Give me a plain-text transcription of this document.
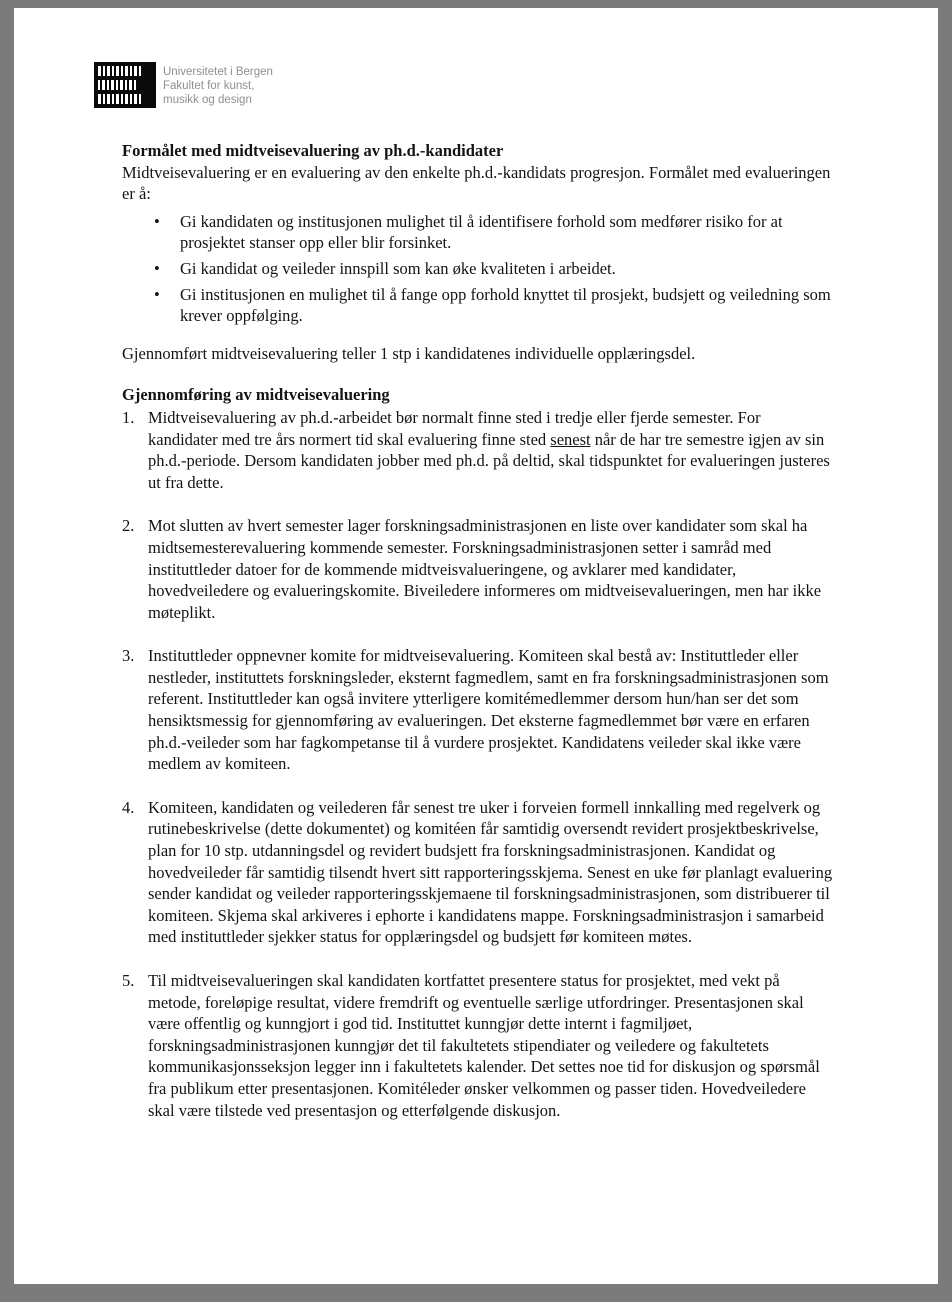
Universitetet i Bergen
Fakultet for kunst,
musikk og design
Formålet med midtveisevaluering av ph.d.-kandidater

Midtveisevaluering er en evaluering av den enkelte ph.d.-kandidats progresjon. Formålet med evalueringen er å:

• Gi kandidaten og institusjonen mulighet til å identifisere forhold som medfører risiko for at prosjektet stanser opp eller blir forsinket.
• Gi kandidat og veileder innspill som kan øke kvaliteten i arbeidet.
• Gi institusjonen en mulighet til å fange opp forhold knyttet til prosjekt, budsjett og veiledning som krever oppfølging.

Gjennomført midtveisevaluering teller 1 stp i kandidatenes individuelle opplæringsdel.

Gjennomføring av midtveisevaluering
1. Midtveisevaluering av ph.d.-arbeidet bør normalt finne sted i tredje eller fjerde semester. For kandidater med tre års normert tid skal evaluering finne sted senest når de har tre semestre igjen av sin ph.d.-periode. Dersom kandidaten jobber med ph.d. på deltid, skal tidspunktet for evalueringen justeres ut fra dette.
2. Mot slutten av hvert semester lager forskningsadministrasjonen en liste over kandidater som skal ha midtsemesterevaluering kommende semester. Forskningsadministrasjonen setter i samråd med instituttleder datoer for de kommende midtveisvalueringene, og avklarer med kandidater, hovedveiledere og evalueringskomite. Biveiledere informeres om midtveisevalueringen, men har ikke møteplikt.
3. Instituttleder oppnevner komite for midtveisevaluering. Komiteen skal bestå av: Instituttleder eller nestleder, instituttets forskningsleder, eksternt fagmedlem, samt en fra forskningsadministrasjonen som referent. Instituttleder kan også invitere ytterligere komitémedlemmer dersom hun/han ser det som hensiktsmessig for gjennomføring av evalueringen. Det eksterne fagmedlemmet bør være en erfaren ph.d.-veileder som har fagkompetanse til å vurdere prosjektet. Kandidatens veileder skal ikke være medlem av komiteen.
4. Komiteen, kandidaten og veilederen får senest tre uker i forveien formell innkalling med regelverk og rutinebeskrivelse (dette dokumentet) og komitéen får samtidig oversendt revidert prosjektbeskrivelse, plan for 10 stp. utdanningsdel og revidert budsjett fra forskningsadministrasjonen. Kandidat og hovedveileder får samtidig tilsendt hvert sitt rapporteringsskjema. Senest en uke før planlagt evaluering sender kandidat og veileder rapporteringsskjemaene til forskningsadministrasjonen, som distribuerer til komiteen. Skjema skal arkiveres i ephorte i kandidatens mappe. Forskningsadministrasjon i samarbeid med instituttleder sjekker status for opplæringsdel og budsjett før komiteen møtes.
5. Til midtveisevalueringen skal kandidaten kortfattet presentere status for prosjektet, med vekt på metode, foreløpige resultat, videre fremdrift og eventuelle særlige utfordringer. Presentasjonen skal være offentlig og kunngjort i god tid. Instituttet kunngjør dette internt i fagmiljøet, forskningsadministrasjonen kunngjør det til fakultetets stipendiater og veiledere og fakultetets kommunikasjonsseksjon legger inn i fakultetets kalender. Det settes noe tid for diskusjon og spørsmål fra publikum etter presentasjonen. Komitéleder ønsker velkommen og passer tiden. Hovedveiledere skal være tilstede ved presentasjon og etterfølgende diskusjon.
